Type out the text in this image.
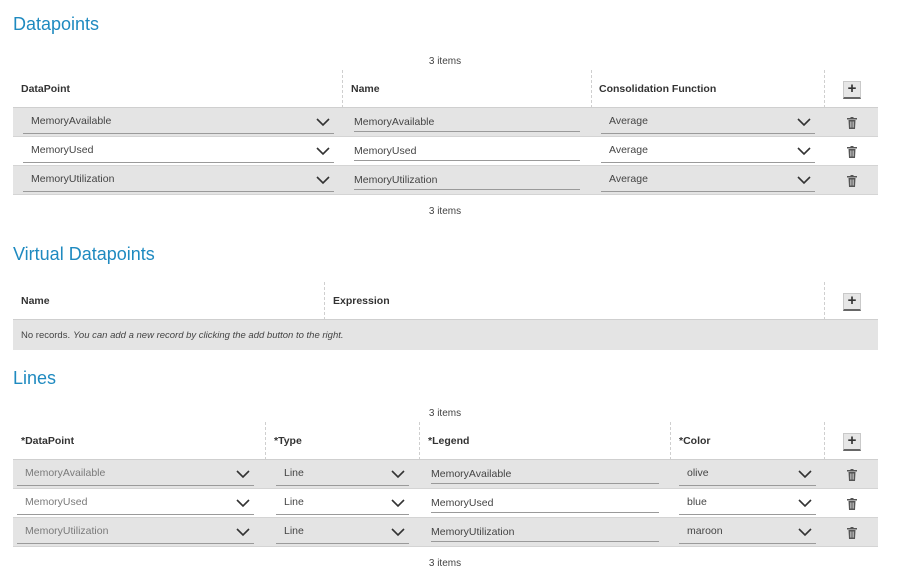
Datapoints
3 items
DataPoint	Name	Consolidation Function	+
MemoryAvailable	MemoryAvailable	Average
MemoryUsed	MemoryUsed	Average
MemoryUtilization	MemoryUtilization	Average
3 items
Virtual Datapoints
Name	Expression	+
No records. You can add a new record by clicking the add button to the right.
Lines
3 items
*DataPoint	*Type	*Legend	*Color	+
MemoryAvailable	Line	MemoryAvailable	olive
MemoryUsed	Line	MemoryUsed	blue
MemoryUtilization	Line	MemoryUtilization	maroon
3 items
